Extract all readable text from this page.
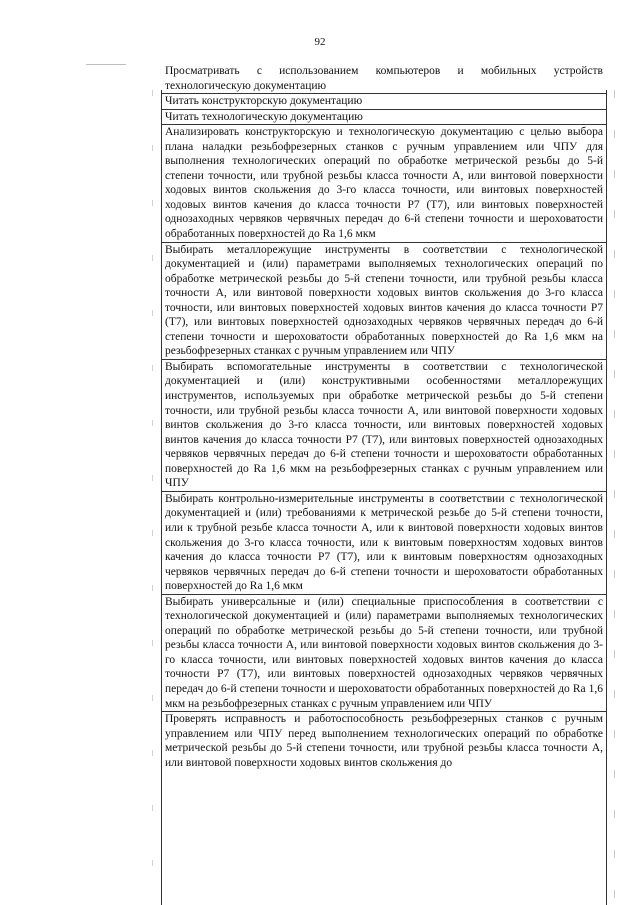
92
Просматривать с использованием компьютеров и мобильных устройств технологическую документацию
Читать конструкторскую документацию
Читать технологическую документацию
Анализировать конструкторскую и технологическую документацию с целью выбора плана наладки резьбофрезерных станков с ручным управлением или ЧПУ для выполнения технологических операций по обработке метрической резьбы до 5-й степени точности, или трубной резьбы класса точности А, или винтовой поверхности ходовых винтов скольжения до 3-го класса точности, или винтовых поверхностей ходовых винтов качения до класса точности Р7 (Т7), или винтовых поверхностей однозаходных червяков червячных передач до 6-й степени точности и шероховатости обработанных поверхностей до Ra 1,6 мкм
Выбирать металлорежущие инструменты в соответствии с технологической документацией и (или) параметрами выполняемых технологических операций по обработке метрической резьбы до 5-й степени точности, или трубной резьбы класса точности А, или винтовой поверхности ходовых винтов скольжения до 3-го класса точности, или винтовых поверхностей ходовых винтов качения до класса точности Р7 (Т7), или винтовых поверхностей однозаходных червяков червячных передач до 6-й степени точности и шероховатости обработанных поверхностей до Ra 1,6 мкм на резьбофрезерных станках с ручным управлением или ЧПУ
Выбирать вспомогательные инструменты в соответствии с технологической документацией и (или) конструктивными особенностями металлорежущих инструментов, используемых при обработке метрической резьбы до 5-й степени точности, или трубной резьбы класса точности А, или винтовой поверхности ходовых винтов скольжения до 3-го класса точности, или винтовых поверхностей ходовых винтов качения до класса точности Р7 (Т7), или винтовых поверхностей однозаходных червяков червячных передач до 6-й степени точности и шероховатости обработанных поверхностей до Ra 1,6 мкм на резьбофрезерных станках с ручным управлением или ЧПУ
Выбирать контрольно-измерительные инструменты в соответствии с технологической документацией и (или) требованиями к метрической резьбе до 5-й степени точности, или к трубной резьбе класса точности А, или к винтовой поверхности ходовых винтов скольжения до 3-го класса точности, или к винтовым поверхностям ходовых винтов качения до класса точности Р7 (Т7), или к винтовым поверхностям однозаходных червяков червячных передач до 6-й степени точности и шероховатости обработанных поверхностей до Ra 1,6 мкм
Выбирать универсальные и (или) специальные приспособления в соответствии с технологической документацией и (или) параметрами выполняемых технологических операций по обработке метрической резьбы до 5-й степени точности, или трубной резьбы класса точности А, или винтовой поверхности ходовых винтов скольжения до 3-го класса точности, или винтовых поверхностей ходовых винтов качения до класса точности Р7 (Т7), или винтовых поверхностей однозаходных червяков червячных передач до 6-й степени точности и шероховатости обработанных поверхностей до Ra 1,6 мкм на резьбофрезерных станках с ручным управлением или ЧПУ
Проверять исправность и работоспособность резьбофрезерных станков с ручным управлением или ЧПУ перед выполнением технологических операций по обработке метрической резьбы до 5-й степени точности, или трубной резьбы класса точности А, или винтовой поверхности ходовых винтов скольжения до
